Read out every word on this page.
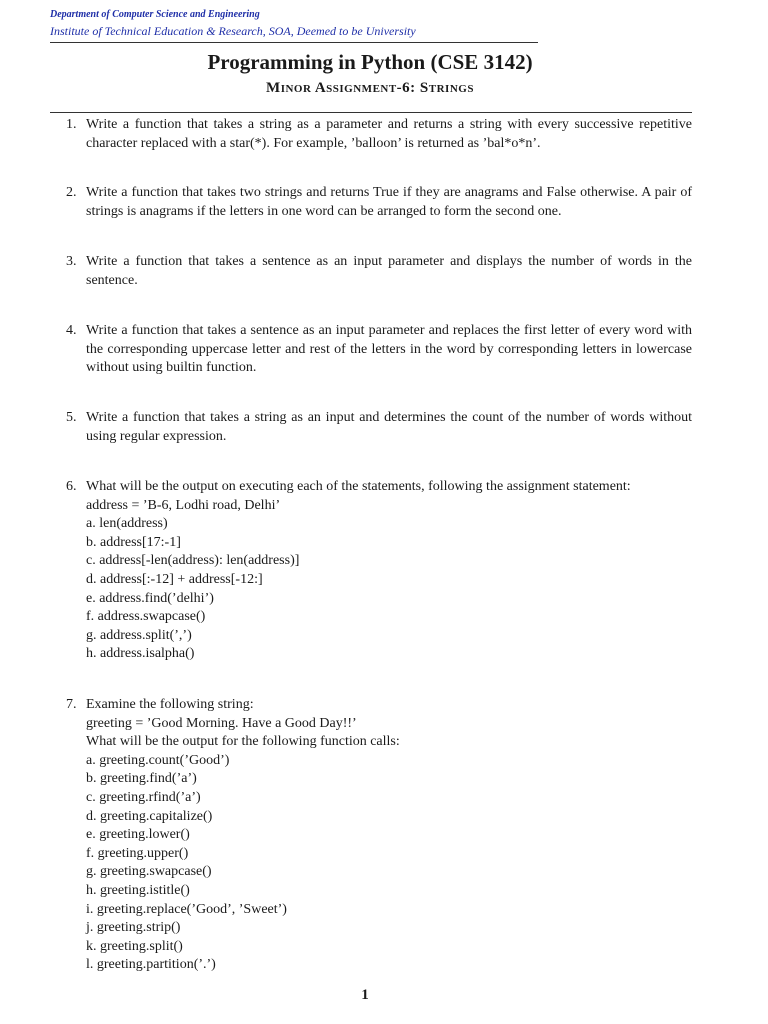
Department of Computer Science and Engineering
Institute of Technical Education & Research, SOA, Deemed to be University
Programming in Python (CSE 3142)
Minor Assignment-6: Strings
1. Write a function that takes a string as a parameter and returns a string with every successive repetitive character replaced with a star(*). For example, ’balloon’ is returned as ’bal*o*n’.
2. Write a function that takes two strings and returns True if they are anagrams and False otherwise. A pair of strings is anagrams if the letters in one word can be arranged to form the second one.
3. Write a function that takes a sentence as an input parameter and displays the number of words in the sentence.
4. Write a function that takes a sentence as an input parameter and replaces the first letter of every word with the corresponding uppercase letter and rest of the letters in the word by corresponding letters in lowercase without using builtin function.
5. Write a function that takes a string as an input and determines the count of the number of words without using regular expression.
6. What will be the output on executing each of the statements, following the assignment statement:
address = ’B-6, Lodhi road, Delhi’
a. len(address)
b. address[17:-1]
c. address[-len(address): len(address)]
d. address[:-12] + address[-12:]
e. address.find(’delhi’)
f. address.swapcase()
g. address.split(’,’)
h. address.isalpha()
7. Examine the following string:
greeting = ’Good Morning. Have a Good Day!!’
What will be the output for the following function calls:
a. greeting.count(’Good’)
b. greeting.find(’a’)
c. greeting.rfind(’a’)
d. greeting.capitalize()
e. greeting.lower()
f. greeting.upper()
g. greeting.swapcase()
h. greeting.istitle()
i. greeting.replace(’Good’, ’Sweet’)
j. greeting.strip()
k. greeting.split()
l. greeting.partition(’.’)
1
